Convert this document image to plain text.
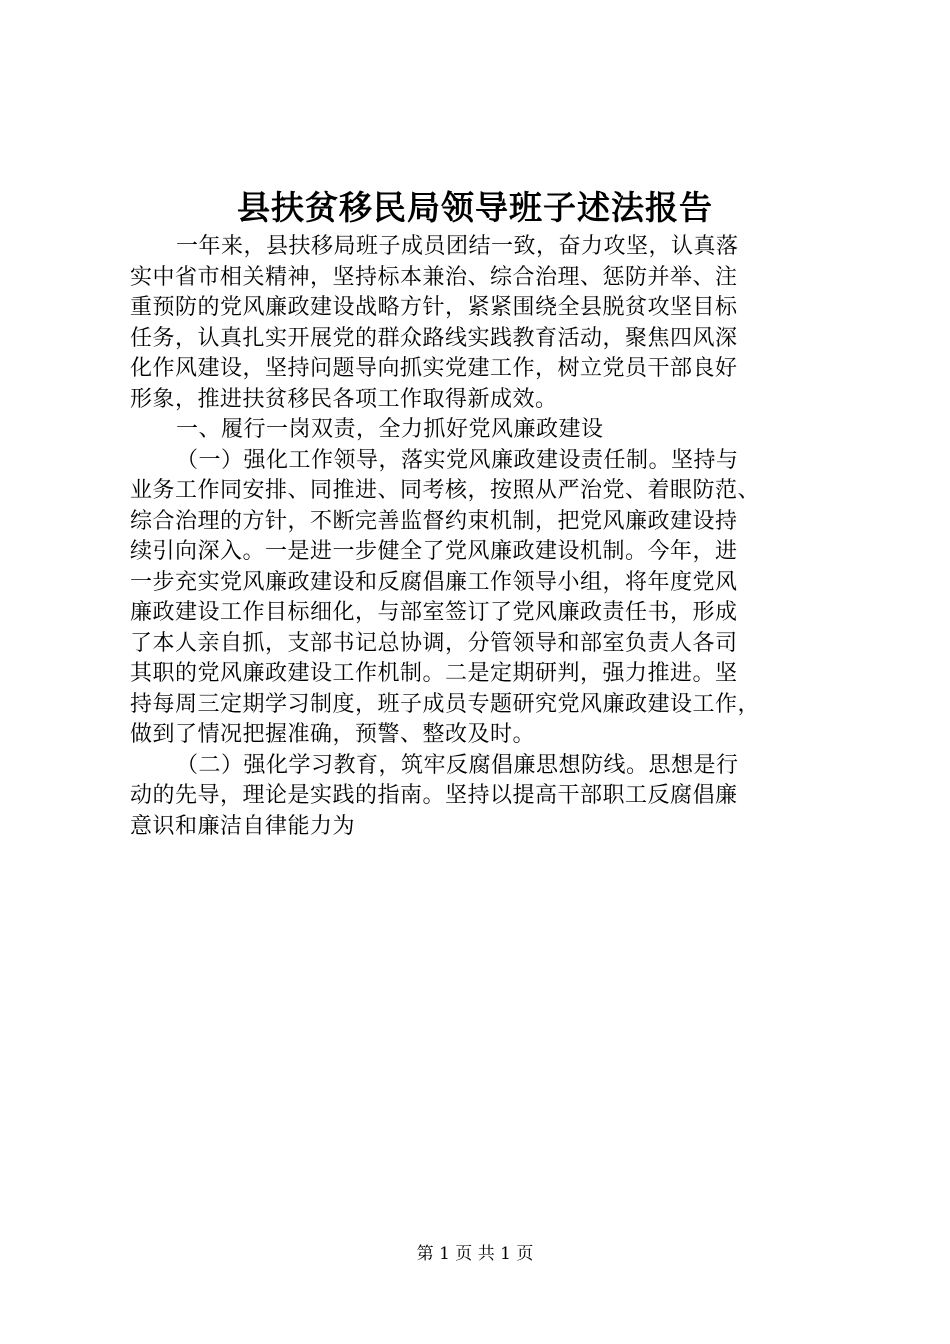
县扶贫移民局领导班子述法报告
一年来，县扶移局班子成员团结一致，奋力攻坚，认真落
实中省市相关精神，坚持标本兼治、综合治理、惩防并举、注
重预防的党风廉政建设战略方针，紧紧围绕全县脱贫攻坚目标
任务，认真扎实开展党的群众路线实践教育活动，聚焦四风深
化作风建设，坚持问题导向抓实党建工作，树立党员干部良好
形象，推进扶贫移民各项工作取得新成效。
一、履行一岗双责，全力抓好党风廉政建设
（一）强化工作领导，落实党风廉政建设责任制。坚持与
业务工作同安排、同推进、同考核，按照从严治党、着眼防范、
综合治理的方针，不断完善监督约束机制，把党风廉政建设持
续引向深入。一是进一步健全了党风廉政建设机制。今年，进
一步充实党风廉政建设和反腐倡廉工作领导小组，将年度党风
廉政建设工作目标细化，与部室签订了党风廉政责任书，形成
了本人亲自抓，支部书记总协调，分管领导和部室负责人各司
其职的党风廉政建设工作机制。二是定期研判，强力推进。坚
持每周三定期学习制度，班子成员专题研究党风廉政建设工作，
做到了情况把握准确，预警、整改及时。
（二）强化学习教育，筑牢反腐倡廉思想防线。思想是行
动的先导，理论是实践的指南。坚持以提高干部职工反腐倡廉
意识和廉洁自律能力为
第 1 页 共 1 页
